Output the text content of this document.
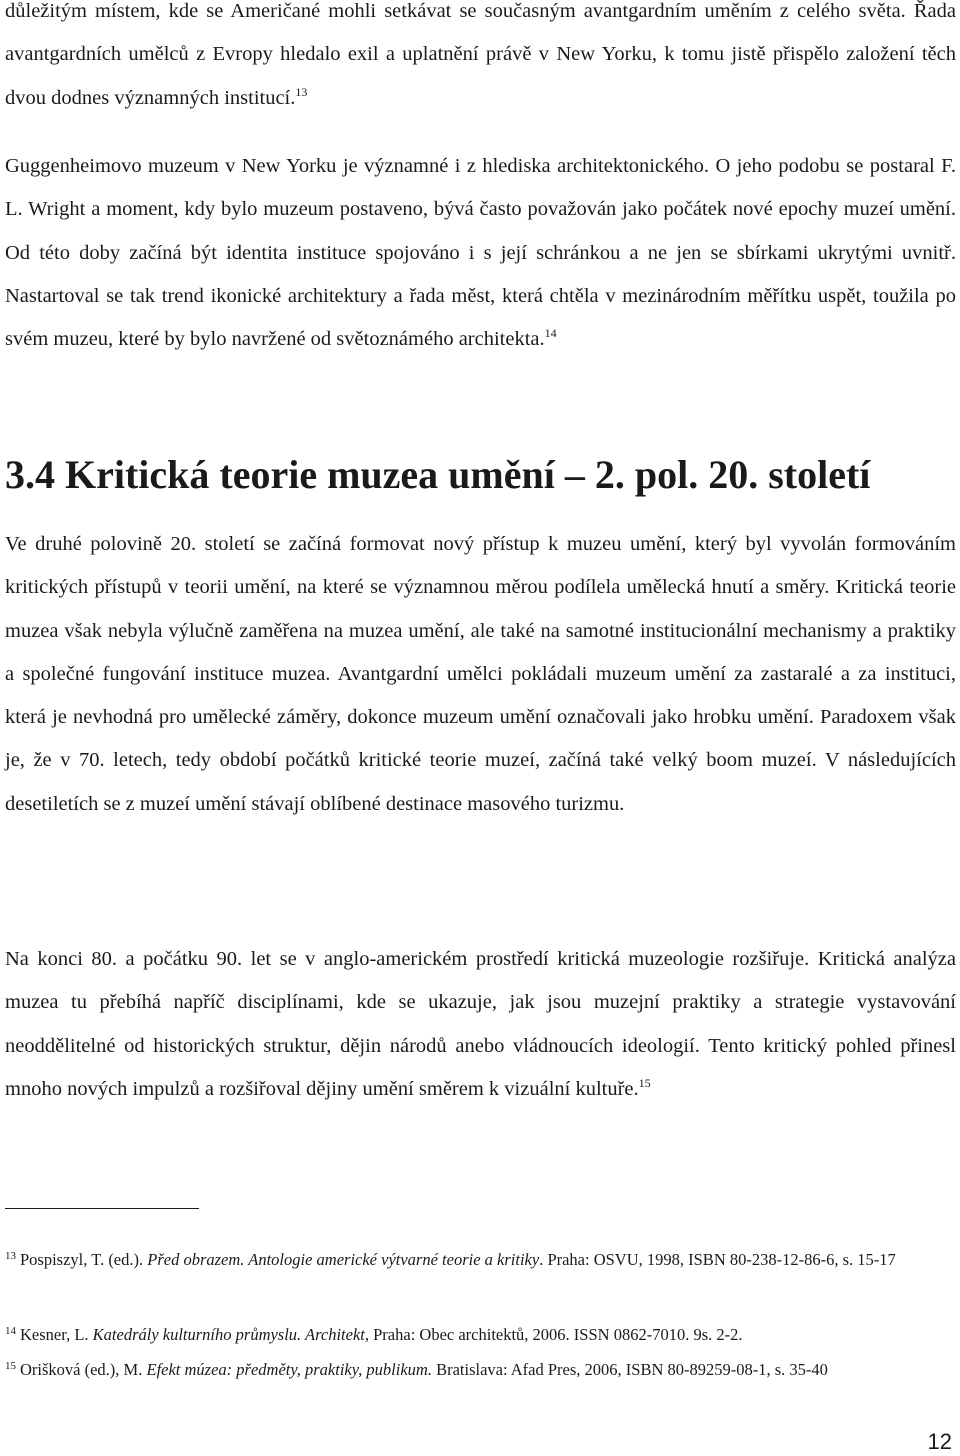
důležitým místem, kde se Američané mohli setkávat se současným avantgardním uměním z celého světa. Řada avantgardních umělců z Evropy hledalo exil a uplatnění právě v New Yorku, k tomu jistě přispělo založení těch dvou dodnes významných institucí.$^{13}$

Guggenheimovo muzeum v New Yorku je významné i z hlediska architektonického. O jeho podobu se postaral F. L. Wright a moment, kdy bylo muzeum postaveno, bývá často považován jako počátek nové epochy muzeí umění. Od této doby začíná být identita instituce spojováno i s její schránkou a ne jen se sbírkami ukrytými uvnitř. Nastartoval se tak trend ikonické architektury a řada měst, která chtěla v mezinárodním měřítku uspět, toužila po svém muzeu, které by bylo navržené od světoznámého architekta.$^{14}$

3.4 Kritická teorie muzea umění – 2. pol. 20. století

Ve druhé polovině 20. století se začíná formovat nový přístup k muzeu umění, který byl vyvolán formováním kritických přístupů v teorii umění, na které se významnou měrou podílela umělecká hnutí a směry. Kritická teorie muzea však nebyla výlučně zaměřena na muzea umění, ale také na samotné institucionální mechanismy a praktiky a společné fungování instituce muzea. Avantgardní umělci pokládali muzeum umění za zastaralé a za instituci, která je nevhodná pro umělecké záměry, dokonce muzeum umění označovali jako hrobku umění. Paradoxem však je, že v 70. letech, tedy období počátků kritické teorie muzeí, začíná také velký boom muzeí. V následujících desetiletích se z muzeí umění stávají oblíbené destinace masového turizmu.

Na konci 80. a počátku 90. let se v anglo-americkém prostředí kritická muzeologie rozšiřuje. Kritická analýza muzea tu přebíhá napříč disciplínami, kde se ukazuje, jak jsou muzejní praktiky a strategie vystavování neoddělitelné od historických struktur, dějin národů anebo vládnoucích ideologií. Tento kritický pohled přinesl mnoho nových impulzů a rozšiřoval dějiny umění směrem k vizuální kultuře.$^{15}$

$^{13}$ Pospiszyl, T. (ed.). Před obrazem. Antologie americké výtvarné teorie a kritiky. Praha: OSVU, 1998, ISBN 80-238-12-86-6, s. 15-17

$^{14}$ Kesner, L. Katedrály kulturního průmyslu. Architekt, Praha: Obec architektů, 2006. ISSN 0862-7010. 9s. 2-2.

$^{15}$ Orišková (ed.), M. Efekt múzea: předměty, praktiky, publikum. Bratislava: Afad Pres, 2006, ISBN 80-89259-08-1, s. 35-40

12
